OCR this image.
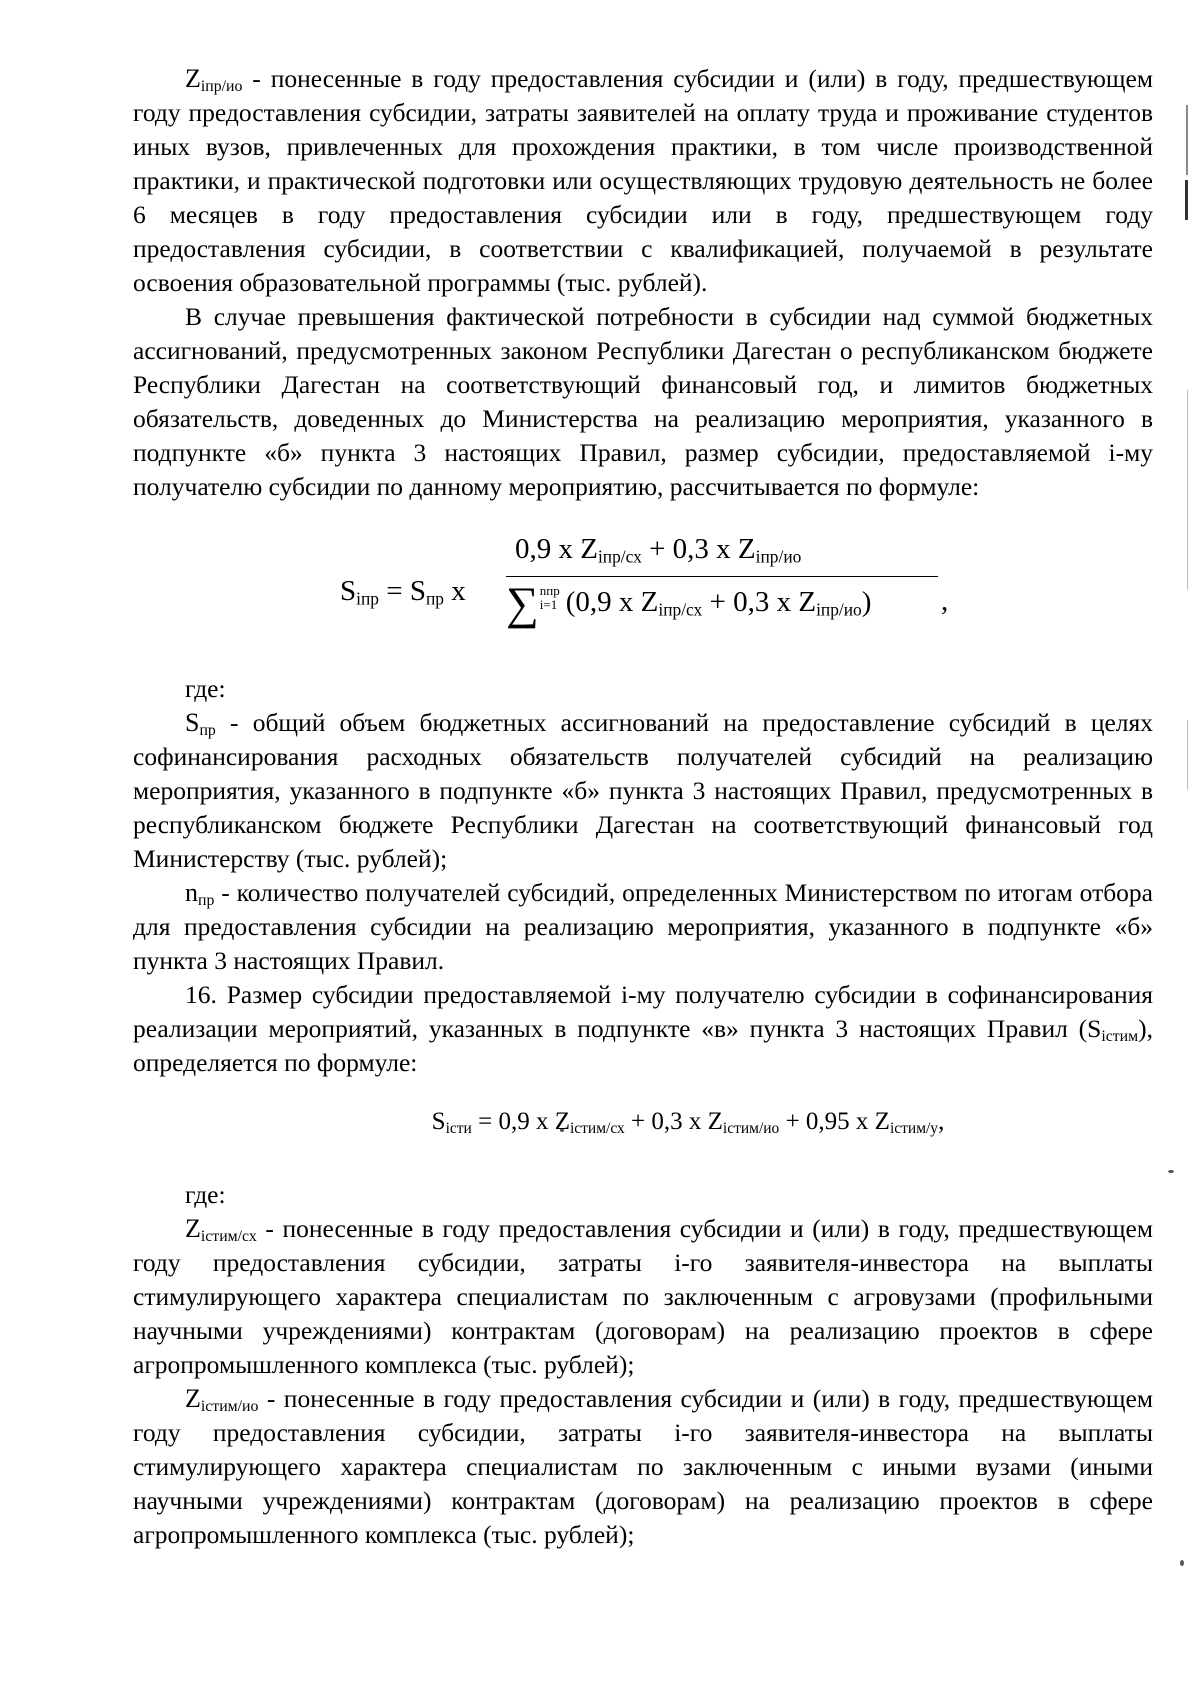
$Z_{iпр/ио}$ - понесенные в году предоставления субсидии и (или) в году, предшествующем году предоставления субсидии, затраты заявителей на оплату труда и проживание студентов иных вузов, привлеченных для прохождения практики, в том числе производственной практики, и практической подготовки или осуществляющих трудовую деятельность не более 6 месяцев в году предоставления субсидии или в году, предшествующем году предоставления субсидии, в соответствии с квалификацией, получаемой в результате освоения образовательной программы (тыс. рублей).

В случае превышения фактической потребности в субсидии над суммой бюджетных ассигнований, предусмотренных законом Республики Дагестан о республиканском бюджете Республики Дагестан на соответствующий финансовый год, и лимитов бюджетных обязательств, доведенных до Министерства на реализацию мероприятия, указанного в подпункте «б» пункта 3 настоящих Правил, размер субсидии, предоставляемой i-му получателю субсидии по данному мероприятию, рассчитывается по формуле:

$S_{iпр} = S_{пр}$ x
0,9 x $Z_{iпр/сх} + 0,3$ x $Z_{iпр/ио}$
∑nпр
i=1 (0,9 x $Z_{iпр/сх} + 0,3$ x $Z_{iпр/ио}$) ,

где:

$S_{пр}$ - общий объем бюджетных ассигнований на предоставление субсидий в целях софинансирования расходных обязательств получателей субсидий на реализацию мероприятия, указанного в подпункте «б» пункта 3 настоящих Правил, предусмотренных в республиканском бюджете Республики Дагестан на соответствующий финансовый год Министерству (тыс. рублей);

$n_{пр}$ - количество получателей субсидий, определенных Министерством по итогам отбора для предоставления субсидии на реализацию мероприятия, указанного в подпункте «б» пункта 3 настоящих Правил.

16. Размер субсидии предоставляемой i-му получателю субсидии в софинансирования реализации мероприятий, указанных в подпункте «в» пункта 3 настоящих Правил $(S_{iстим})$, определяется по формуле:

$S_{iсти} = 0,9$ x $Z_{iстим/сх} + 0,3$ x $Z_{iстим/ио} + 0,95$ x $Z_{iстим/у}$,

где:

$Z_{iстим/сх}$ - понесенные в году предоставления субсидии и (или) в году, предшествующем году предоставления субсидии, затраты i-го заявителя-инвестора на выплаты стимулирующего характера специалистам по заключенным с агровузами (профильными научными учреждениями) контрактам (договорам) на реализацию проектов в сфере агропромышленного комплекса (тыс. рублей);

$Z_{iстим/ио}$ - понесенные в году предоставления субсидии и (или) в году, предшествующем году предоставления субсидии, затраты i-го заявителя-инвестора на выплаты стимулирующего характера специалистам по заключенным с иными вузами (иными научными учреждениями) контрактам (договорам) на реализацию проектов в сфере агропромышленного комплекса (тыс. рублей);
